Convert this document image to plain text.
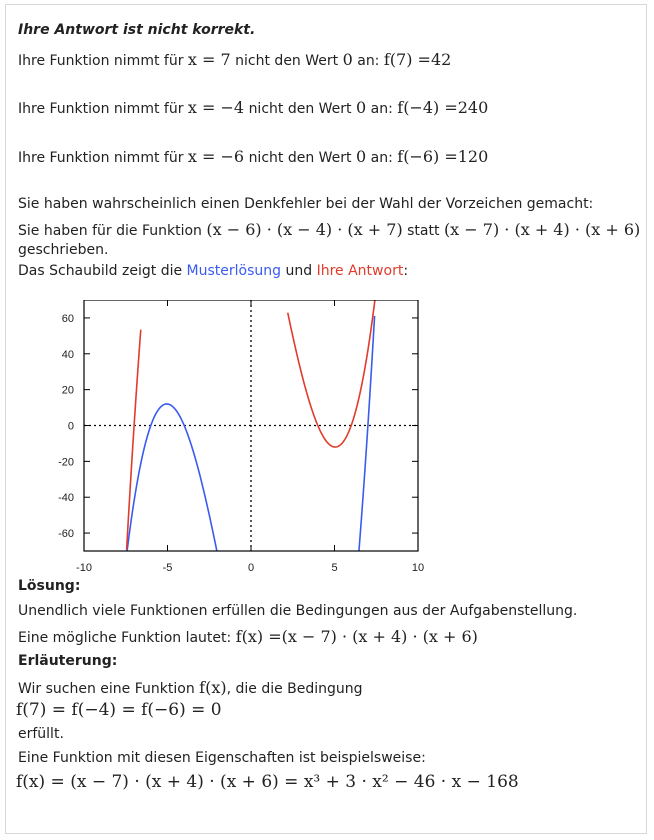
Ihre Antwort ist nicht korrekt.
Ihre Funktion nimmt für x = 7 nicht den Wert 0 an: f(7) =42
Ihre Funktion nimmt für x = −4 nicht den Wert 0 an: f(−4) =240
Ihre Funktion nimmt für x = −6 nicht den Wert 0 an: f(−6) =120
Sie haben wahrscheinlich einen Denkfehler bei der Wahl der Vorzeichen gemacht:
Sie haben für die Funktion (x − 6) · (x − 4) · (x + 7) statt (x − 7) · (x + 4) · (x + 6)
geschrieben.
Das Schaubild zeigt die Musterlösung und Ihre Antwort:
-10	-5	0	5	10
60
40
20
0
-20
-40
-60
Lösung:
Unendlich viele Funktionen erfüllen die Bedingungen aus der Aufgabenstellung.
Eine mögliche Funktion lautet: f(x) =(x − 7) · (x + 4) · (x + 6)
Erläuterung:
Wir suchen eine Funktion f(x), die die Bedingung
f(7) = f(−4) = f(−6) = 0
erfüllt.
Eine Funktion mit diesen Eigenschaften ist beispielsweise:
f(x) = (x − 7) · (x + 4) · (x + 6) = x³ + 3 · x² − 46 · x − 168
